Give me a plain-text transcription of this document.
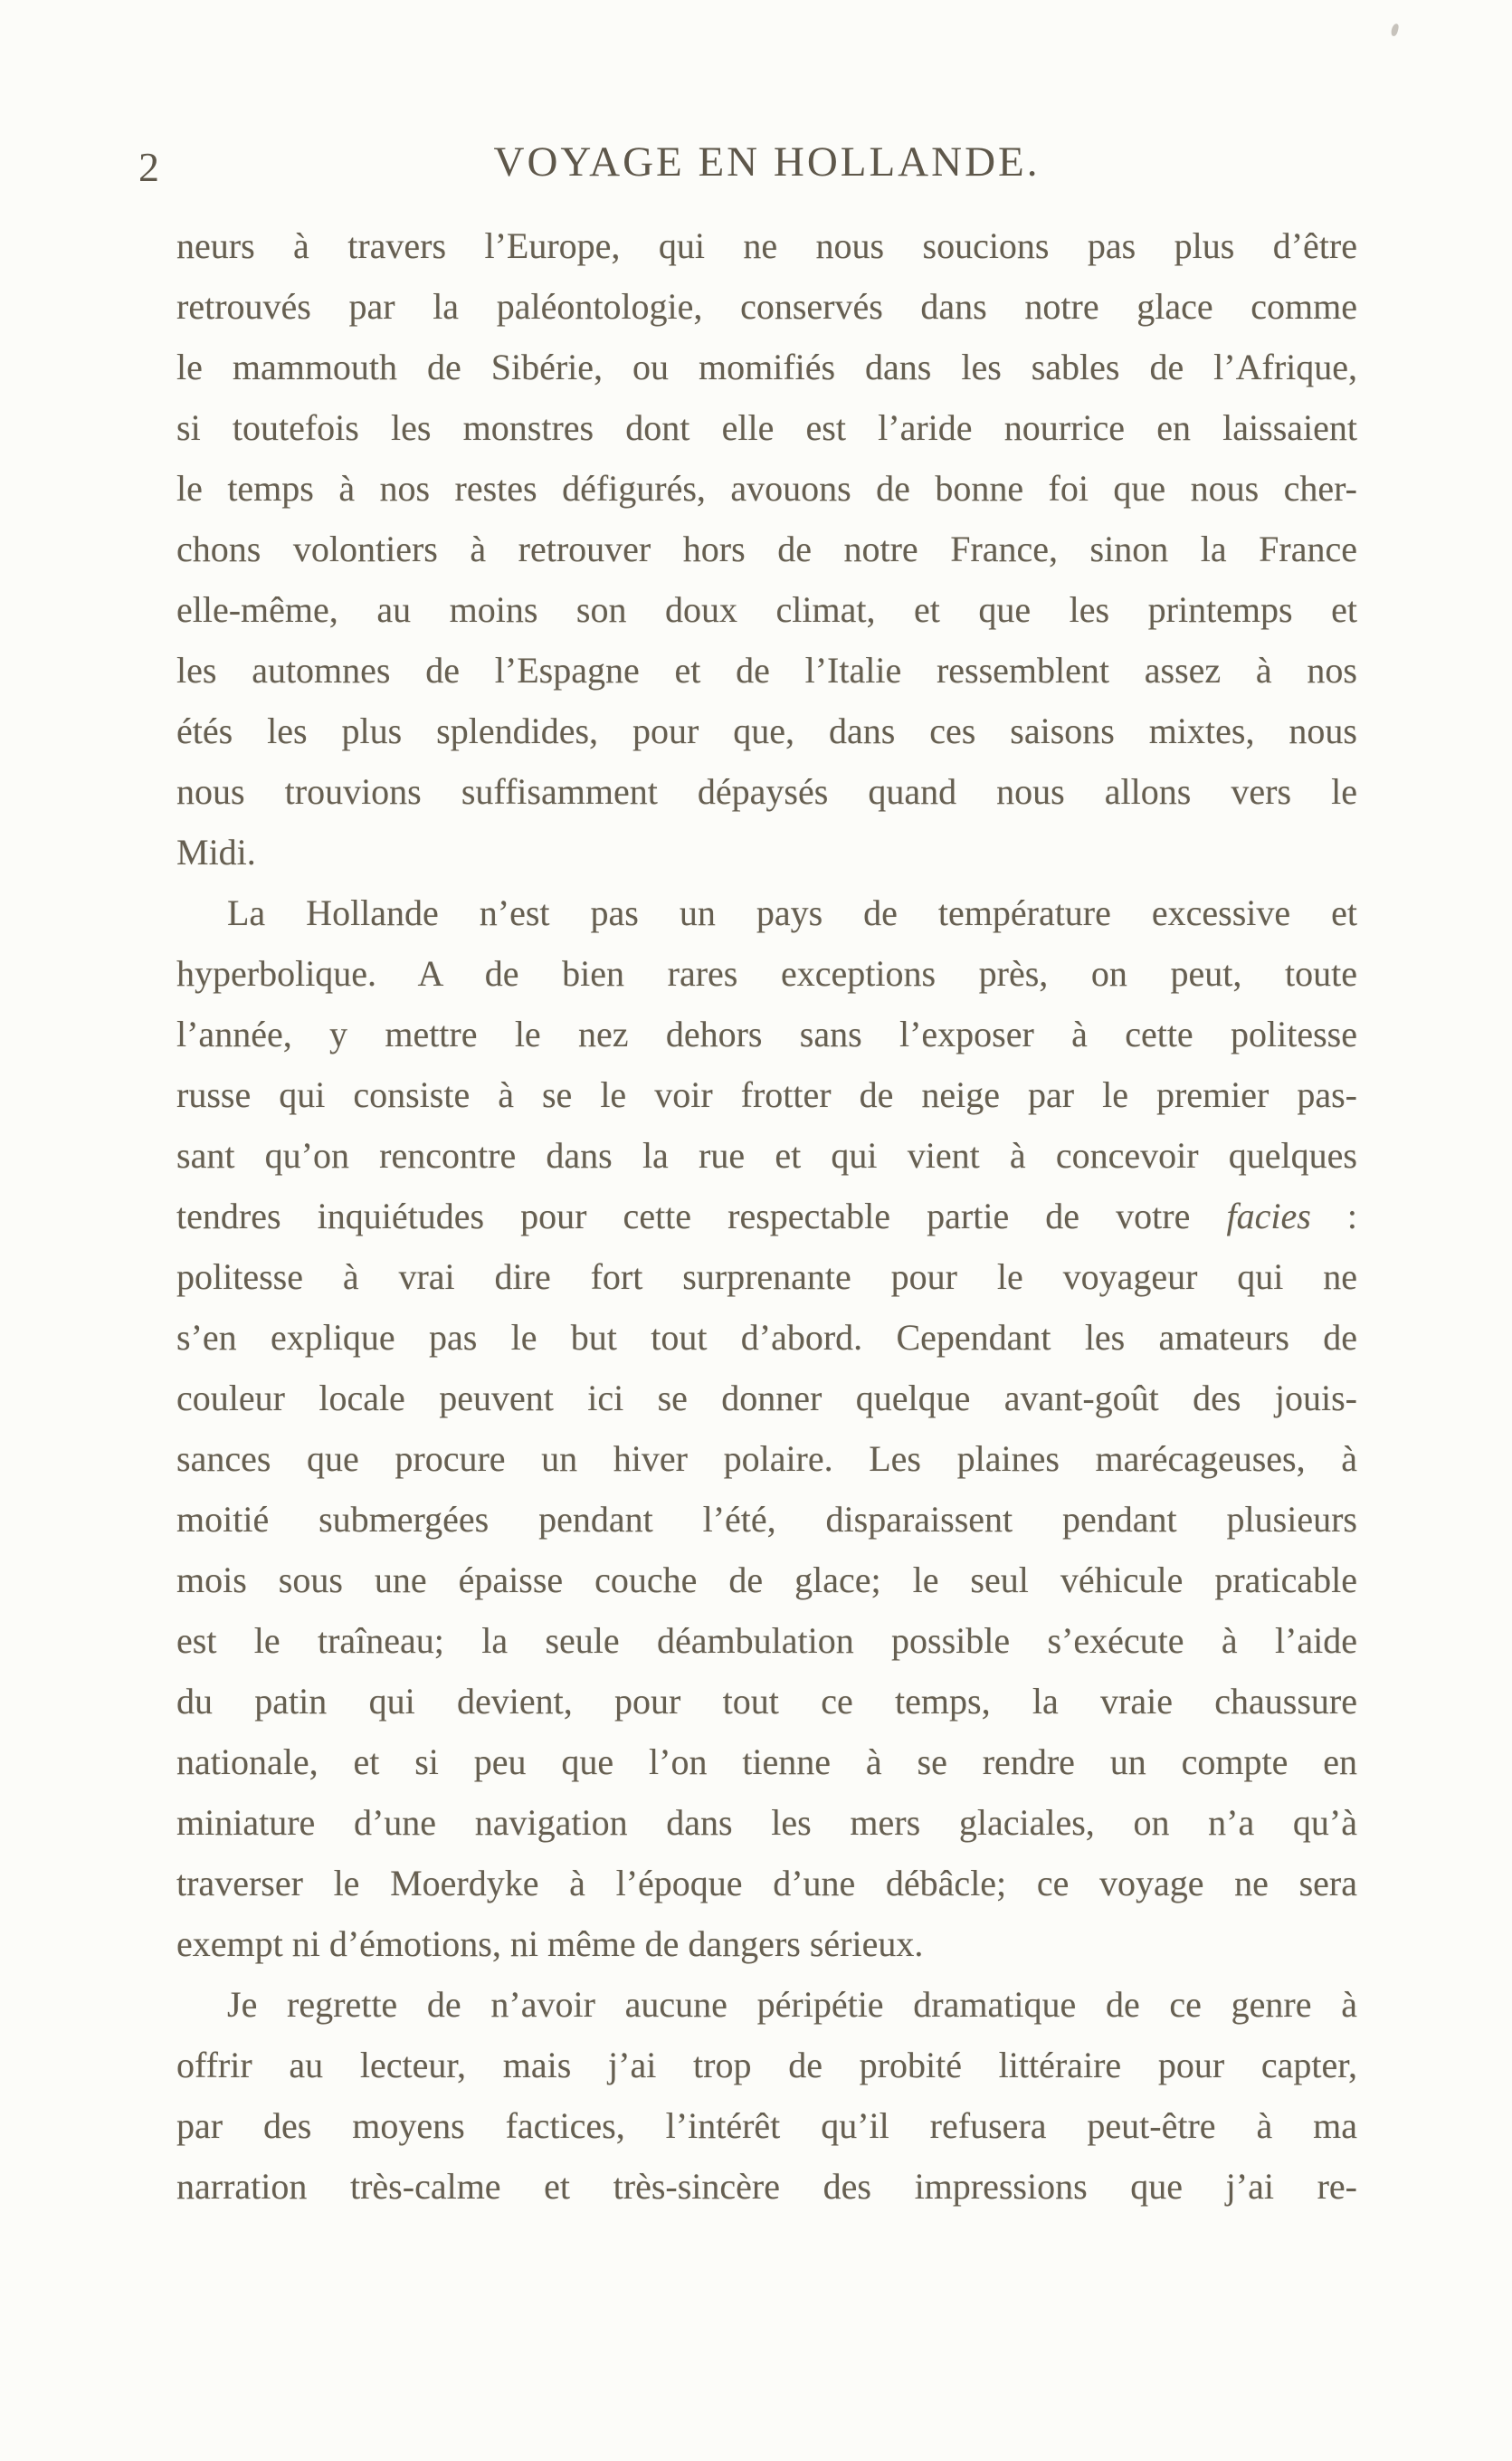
2	VOYAGE EN HOLLANDE.
neurs à travers l’Europe, qui ne nous soucions pas plus d’être
retrouvés par la paléontologie, conservés dans notre glace comme
le mammouth de Sibérie, ou momifiés dans les sables de l’Afrique,
si toutefois les monstres dont elle est l’aride nourrice en laissaient
le temps à nos restes défigurés, avouons de bonne foi que nous cher-
chons volontiers à retrouver hors de notre France, sinon la France
elle-même, au moins son doux climat, et que les printemps et
les automnes de l’Espagne et de l’Italie ressemblent assez à nos
étés les plus splendides, pour que, dans ces saisons mixtes, nous
nous trouvions suffisamment dépaysés quand nous allons vers le
Midi.
La Hollande n’est pas un pays de température excessive et
hyperbolique. A de bien rares exceptions près, on peut, toute
l’année, y mettre le nez dehors sans l’exposer à cette politesse
russe qui consiste à se le voir frotter de neige par le premier pas-
sant qu’on rencontre dans la rue et qui vient à concevoir quelques
tendres inquiétudes pour cette respectable partie de votre facies :
politesse à vrai dire fort surprenante pour le voyageur qui ne
s’en explique pas le but tout d’abord. Cependant les amateurs de
couleur locale peuvent ici se donner quelque avant-goût des jouis-
sances que procure un hiver polaire. Les plaines marécageuses, à
moitié submergées pendant l’été, disparaissent pendant plusieurs
mois sous une épaisse couche de glace; le seul véhicule praticable
est le traîneau; la seule déambulation possible s’exécute à l’aide
du patin qui devient, pour tout ce temps, la vraie chaussure
nationale, et si peu que l’on tienne à se rendre un compte en
miniature d’une navigation dans les mers glaciales, on n’a qu’à
traverser le Moerdyke à l’époque d’une débâcle; ce voyage ne sera
exempt ni d’émotions, ni même de dangers sérieux.
Je regrette de n’avoir aucune péripétie dramatique de ce genre à
offrir au lecteur, mais j’ai trop de probité littéraire pour capter,
par des moyens factices, l’intérêt qu’il refusera peut-être à ma
narration très-calme et très-sincère des impressions que j’ai re-
